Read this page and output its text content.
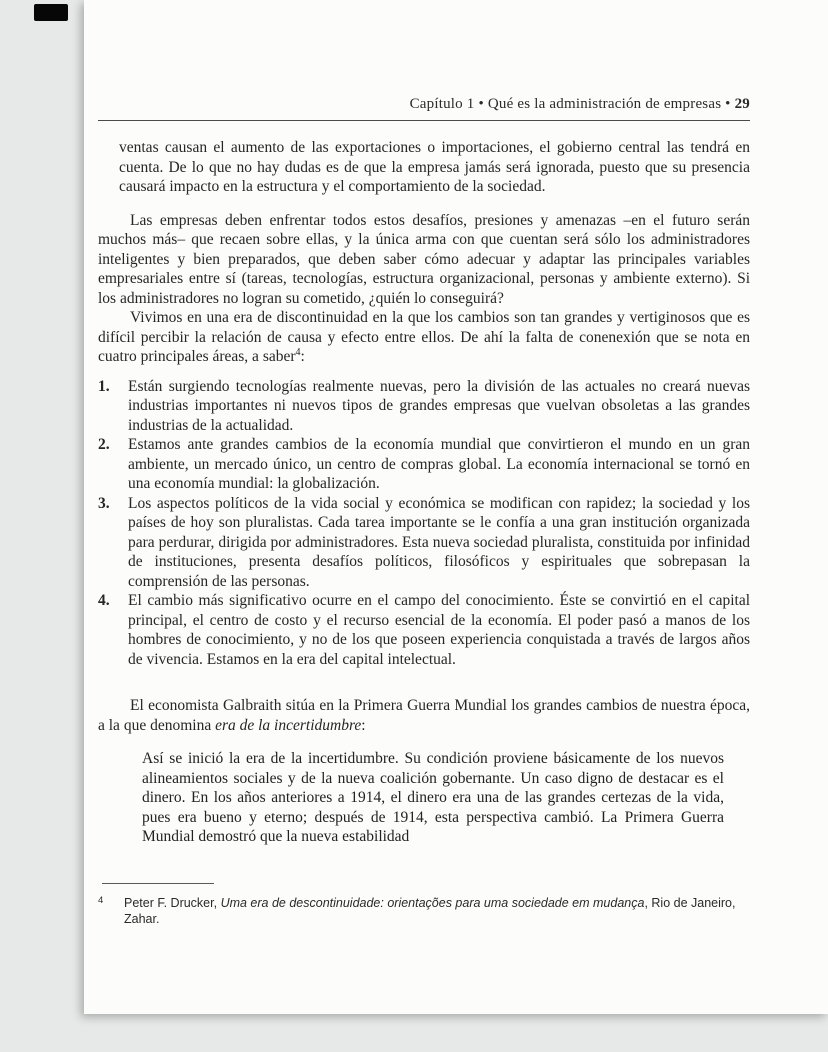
Capítulo 1 • Qué es la administración de empresas • 29

ventas causan el aumento de las exportaciones o importaciones, el gobierno central las tendrá en cuenta. De lo que no hay dudas es de que la empresa jamás será ignorada, puesto que su presencia causará impacto en la estructura y el comportamiento de la sociedad.

Las empresas deben enfrentar todos estos desafíos, presiones y amenazas –en el futuro serán muchos más– que recaen sobre ellas, y la única arma con que cuentan será sólo los administradores inteligentes y bien preparados, que deben saber cómo adecuar y adaptar las principales variables empresariales entre sí (tareas, tecnologías, estructura organizacional, personas y ambiente externo). Si los administradores no logran su cometido, ¿quién lo conseguirá?

Vivimos en una era de discontinuidad en la que los cambios son tan grandes y vertiginosos que es difícil percibir la relación de causa y efecto entre ellos. De ahí la falta de conenexión que se nota en cuatro principales áreas, a saber$^4$:

1. Están surgiendo tecnologías realmente nuevas, pero la división de las actuales no creará nuevas industrias importantes ni nuevos tipos de grandes empresas que vuelvan obsoletas a las grandes industrias de la actualidad.
2. Estamos ante grandes cambios de la economía mundial que convirtieron el mundo en un gran ambiente, un mercado único, un centro de compras global. La economía internacional se tornó en una economía mundial: la globalización.
3. Los aspectos políticos de la vida social y económica se modifican con rapidez; la sociedad y los países de hoy son pluralistas. Cada tarea importante se le confía a una gran institución organizada para perdurar, dirigida por administradores. Esta nueva sociedad pluralista, constituida por infinidad de instituciones, presenta desafíos políticos, filosóficos y espirituales que sobrepasan la comprensión de las personas.
4. El cambio más significativo ocurre en el campo del conocimiento. Éste se convirtió en el capital principal, el centro de costo y el recurso esencial de la economía. El poder pasó a manos de los hombres de conocimiento, y no de los que poseen experiencia conquistada a través de largos años de vivencia. Estamos en la era del capital intelectual.

El economista Galbraith sitúa en la Primera Guerra Mundial los grandes cambios de nuestra época, a la que denomina era de la incertidumbre:

Así se inició la era de la incertidumbre. Su condición proviene básicamente de los nuevos alineamientos sociales y de la nueva coalición gobernante. Un caso digno de destacar es el dinero. En los años anteriores a 1914, el dinero era una de las grandes certezas de la vida, pues era bueno y eterno; después de 1914, esta perspectiva cambió. La Primera Guerra Mundial demostró que la nueva estabilidad

4 Peter F. Drucker, Uma era de descontinuidade: orientações para uma sociedade em mudança, Rio de Janeiro, Zahar.
